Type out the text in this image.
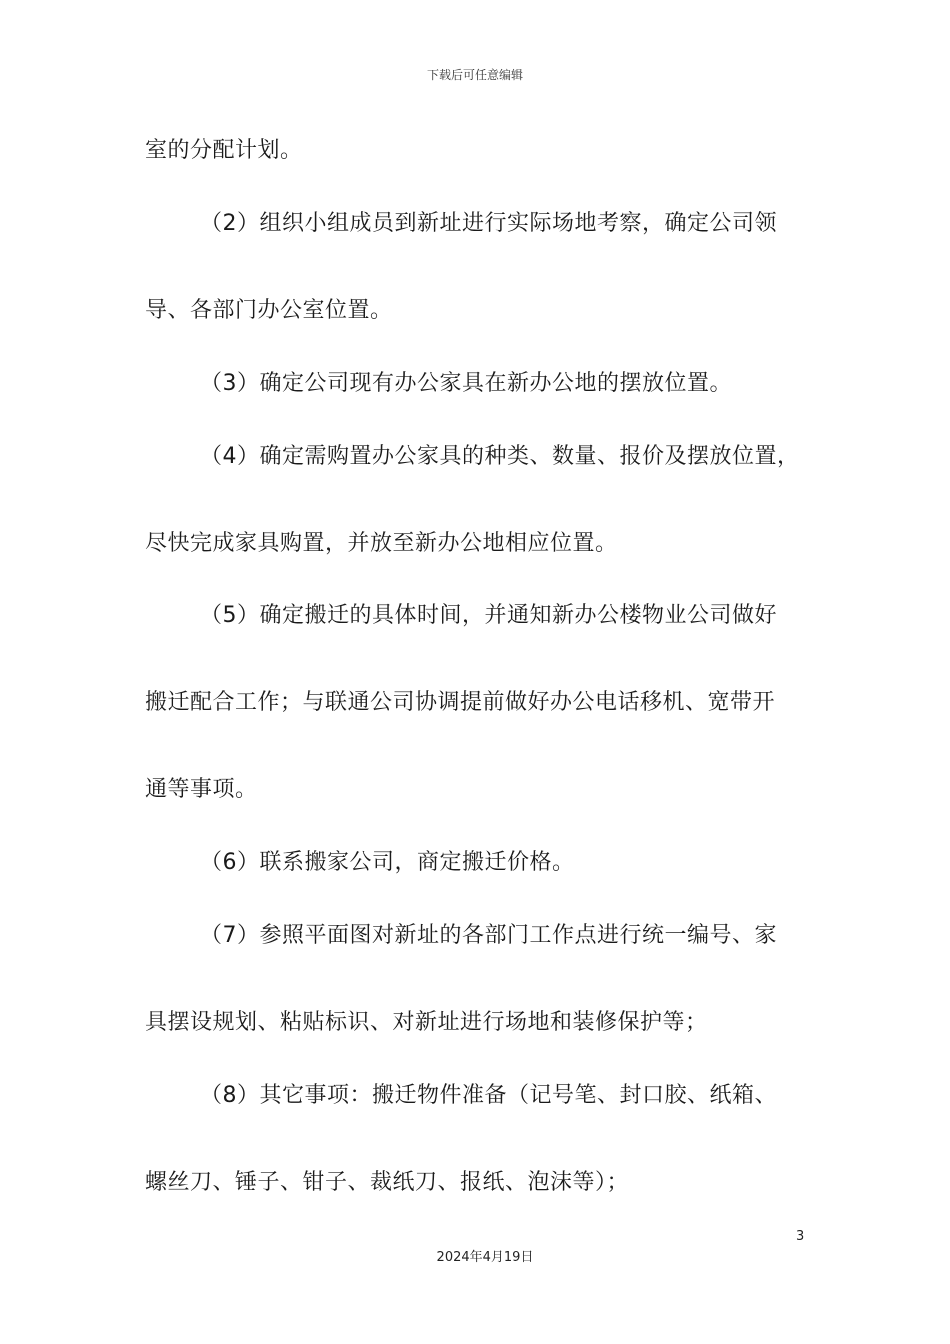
下载后可任意编辑
室的分配计划。
（2）组织小组成员到新址进行实际场地考察，确定公司领
导、各部门办公室位置。
（3）确定公司现有办公家具在新办公地的摆放位置。
（4）确定需购置办公家具的种类、数量、报价及摆放位置，
尽快完成家具购置，并放至新办公地相应位置。
（5）确定搬迁的具体时间，并通知新办公楼物业公司做好
搬迁配合工作；与联通公司协调提前做好办公电话移机、宽带开
通等事项。
（6）联系搬家公司，商定搬迁价格。
（7）参照平面图对新址的各部门工作点进行统一编号、家
具摆设规划、粘贴标识、对新址进行场地和装修保护等；
（8）其它事项：搬迁物件准备（记号笔、封口胶、纸箱、
螺丝刀、锤子、钳子、裁纸刀、报纸、泡沫等）；
3
2024年4月19日
